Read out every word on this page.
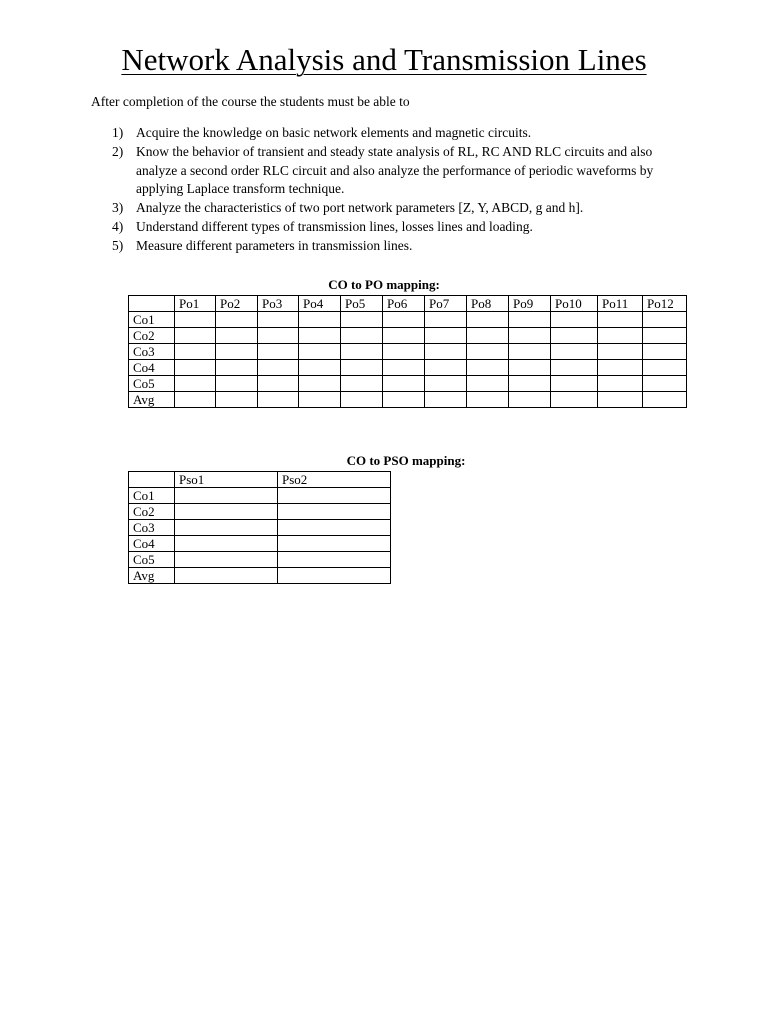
Network Analysis and Transmission Lines
After completion of the course the students must be able to
1) Acquire the knowledge on basic network elements and magnetic circuits.
2) Know the behavior of transient and steady state analysis of RL, RC AND RLC circuits and also analyze a second order RLC circuit and also analyze the performance of periodic waveforms by applying Laplace transform technique.
3) Analyze the characteristics of two port network parameters [Z, Y, ABCD, g and h].
4) Understand different types of transmission lines, losses lines and loading.
5) Measure different parameters in transmission lines.
CO to PO mapping:
	Po1	Po2	Po3	Po4	Po5	Po6	Po7	Po8	Po9	Po10	Po11	Po12
Co1												
Co2												
Co3												
Co4												
Co5												
Avg												
CO to PSO mapping:
	Pso1	Pso2
Co1		
Co2		
Co3		
Co4		
Co5		
Avg		
